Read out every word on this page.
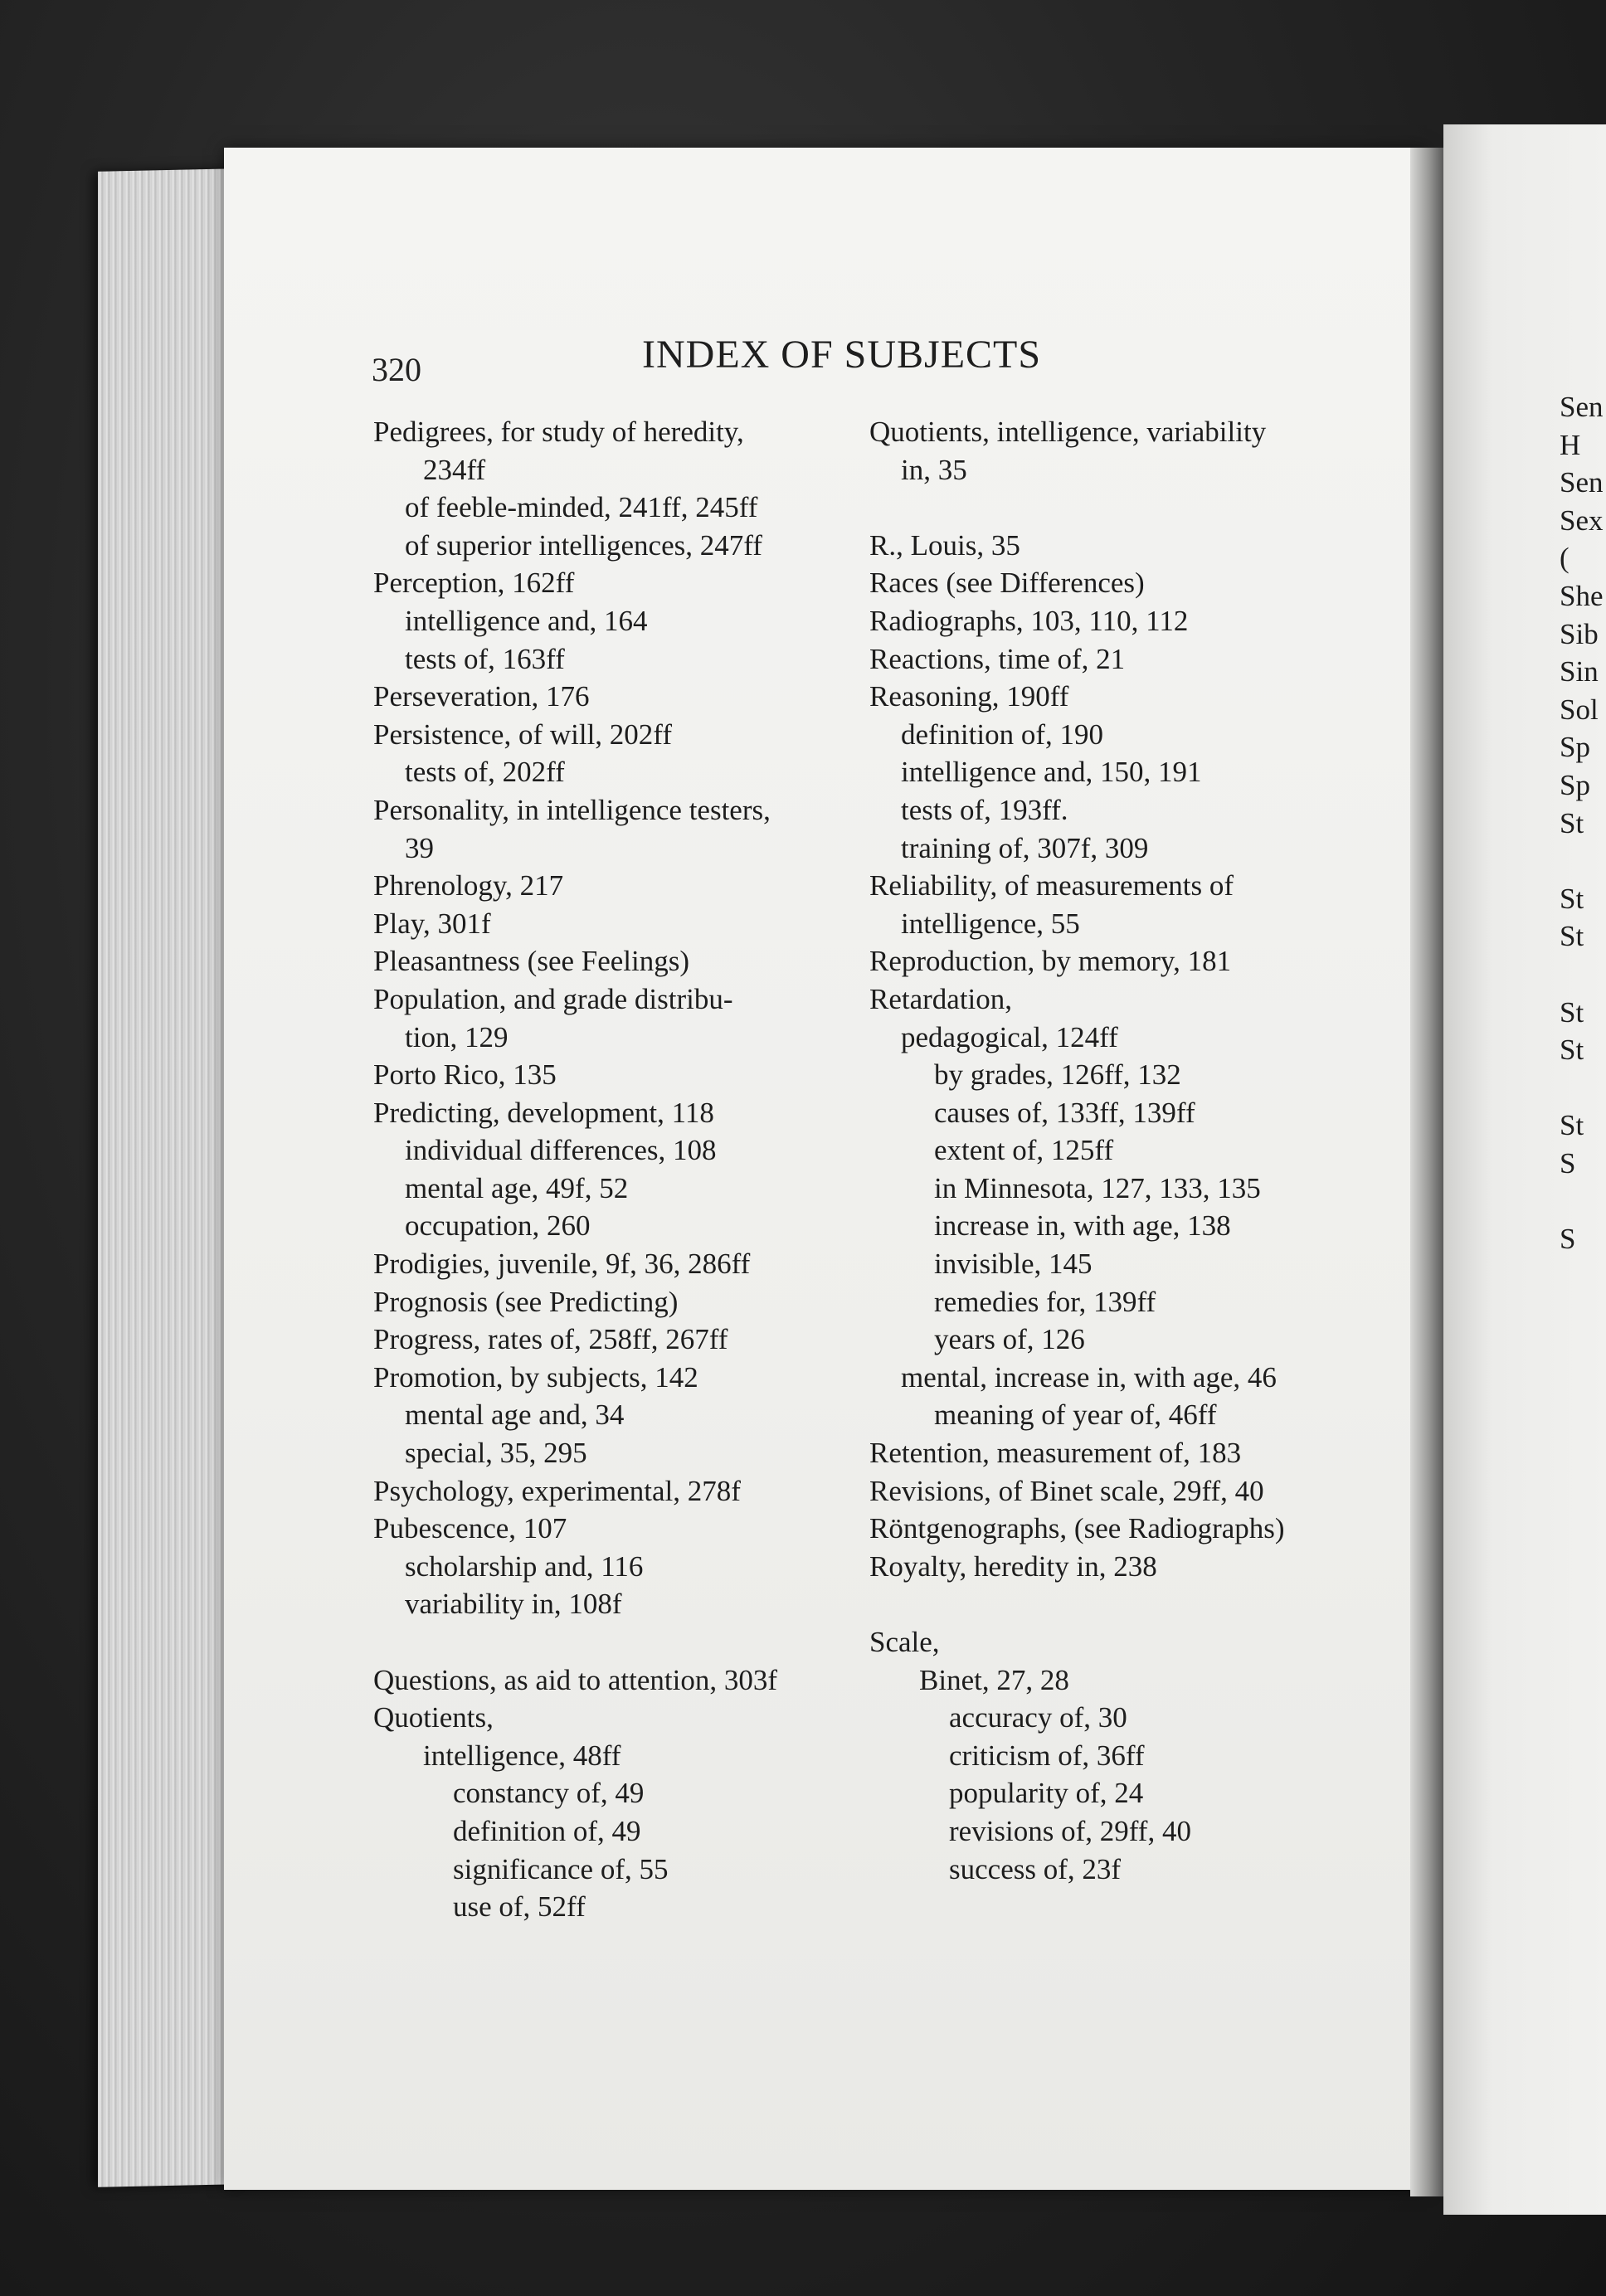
320	INDEX OF SUBJECTS
Pedigrees, for study of heredity,
234ff
of feeble-minded, 241ff, 245ff
of superior intelligences, 247ff
Perception, 162ff
intelligence and, 164
tests of, 163ff
Perseveration, 176
Persistence, of will, 202ff
tests of, 202ff
Personality, in intelligence testers,
39
Phrenology, 217
Play, 301f
Pleasantness (see Feelings)
Population, and grade distribu-
tion, 129
Porto Rico, 135
Predicting, development, 118
individual differences, 108
mental age, 49f, 52
occupation, 260
Prodigies, juvenile, 9f, 36, 286ff
Prognosis (see Predicting)
Progress, rates of, 258ff, 267ff
Promotion, by subjects, 142
mental age and, 34
special, 35, 295
Psychology, experimental, 278f
Pubescence, 107
scholarship and, 116
variability in, 108f
Questions, as aid to attention, 303f
Quotients,
intelligence, 48ff
constancy of, 49
definition of, 49
significance of, 55
use of, 52ff
Quotients, intelligence, variability
in, 35
R., Louis, 35
Races (see Differences)
Radiographs, 103, 110, 112
Reactions, time of, 21
Reasoning, 190ff
definition of, 190
intelligence and, 150, 191
tests of, 193ff.
training of, 307f, 309
Reliability, of measurements of
intelligence, 55
Reproduction, by memory, 181
Retardation,
pedagogical, 124ff
by grades, 126ff, 132
causes of, 133ff, 139ff
extent of, 125ff
in Minnesota, 127, 133, 135
increase in, with age, 138
invisible, 145
remedies for, 139ff
years of, 126
mental, increase in, with age, 46
meaning of year of, 46ff
Retention, measurement of, 183
Revisions, of Binet scale, 29ff, 40
Röntgenographs, (see Radiographs)
Royalty, heredity in, 238
Scale,
Binet, 27, 28
accuracy of, 30
criticism of, 36ff
popularity of, 24
revisions of, 29ff, 40
success of, 23f
Sen
H
Sen
Sex
(
She
Sib
Sin
Sol
Sp
Sp
St
St
St
St
St
St
S
S
